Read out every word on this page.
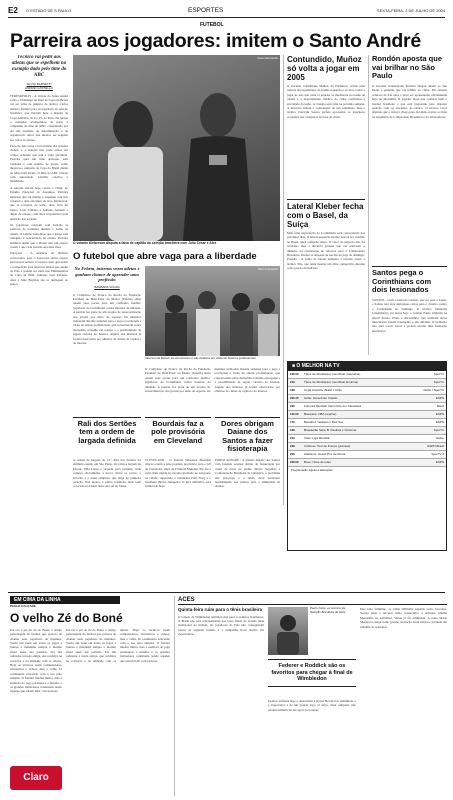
E2 O ESTADO DE S.PAULO	ESPORTES	SEXTA-FEIRA, 2 DE JULHO DE 2004
FUTEBOL
Parreira aos jogadores: imitem o Santo André
Técnico vai pedir aos atletas que se espelhem no exemplo dado pelo time do ABC
SILVIO BARSETTI
ANDREI CASTELLO

TERESÓPOLIS - A vitória do Santo André sobre o Flamengo na final da Copa do Brasil vai ser tema de palestra do técnico Carlos Alberto Parreira para os jogadores da seleção brasileira, que iniciam hoje a disputa da Copa América, às 6 e 25, no Peru. Na quarta o treinador acompanhou de perto a campanha do time do ABC, considerada por ele um exemplo de determinação e de organização tática que merece ser seguido por todos os atletas.

Para ele, não conta o favoritismo dos grandes clubes, e a seleção não pode entrar em campo achando que tem a vaga garantida. Parreira quer um time aplicado, sem vaidades e com espírito de grupo, como mostrou o campeão da Copa do Brasil diante do Maracanã lotado. O time do ABC venceu com autoridade, trabalho coletivo e humildade.

A seleção estreia hoje contra o Chile, no Estádio Nacional de Arequipa. Parreira adiantou que vai manter o esquema com três volantes e dois atacantes de área. Kléberson, que se recupera de lesão, deve ficar no banco. Luís Fabiano e Adriano formam a dupla de ataque, com Alex responsável pela armação das jogadas.

Os jogadores ouviram com atenção as palavras do treinador durante o treino de ontem. O capitão Juan disse que o grupo está tranquilo e concentrado na estreia. Parreira lembrou ainda que o Brasil tem um elenco jovem e que cada partida será uma final.

Europeus - A ausência de titulares convocados para a Eurocopa abriu espaço para novos nomes. O técnico quer aproveitar a competição para observar atletas que atuam no País e podem ser úteis nas Eliminatórias da Copa de 2006. Adriano, Luís Fabiano, Alex e Júlio Baptista são os destaques do grupo.

Tasso Marcelo/AE
O volante Kléberson disputa a faixa de capitão da seleção brasileira com Júlio César e Alex
O futebol que abre vaga para a liberdade
No Febem, internos veem atletas e ganham chance de aprender uma profissão
BARBARA SOUZA

O Complexo de Franco da Rocha da Fundação Estadual do Bem-Estar do Menor (Febem) abriu ontem suas portas para um confronto inédito: jogadores do Corinthians contra internos da unidade. A partida fez parte de um projeto de ressocialização dos jovens por meio do esporte. Os meninos treinaram durante semanas para o jogo e receberam a visita de atletas profissionais, que conversaram sobre disciplina, trabalho em equipe e a possibilidade de seguir carreira no futebol. Alguns dos internos já foram observados por olheiros de clubes da capital e do interior.

Nilton Fukuda/AE
Internos da Febem se emocionam e são tietados em visita de boleiros profissionais

O Complexo de Franco da Rocha da Fundação Estadual do Bem-Estar do Menor (Febem) abriu ontem suas portas para um confronto inédito: jogadores do Corinthians contra internos da unidade. A partida fez parte de um projeto de ressocialização dos jovens por meio do esporte. Os meninos treinaram durante semanas para o jogo e receberam a visita de atletas profissionais, que conversaram sobre disciplina, trabalho em equipe e a possibilidade de seguir carreira no futebol. Alguns dos internos já foram observados por olheiros de clubes da capital e do interior.

Rali dos Sertões tem a ordem de largada definida

A ordem de largada do 12.º Rali dos Sertões foi definida ontem, em São Paulo. Os pilotos largam do Parque Villa-Lobos e seguem para Goiânia, onde começa oficialmente a prova. Entre os carros, o favorito é o atual campeão, que larga na primeira posição. Nas motos, o piloto brasileiro mais bem colocado no Dakar deste ano sai na frente.

Bourdais faz a pole provisória em Cleveland

CLEVELAND - O francês Sébastien Bourdais obteve ontem a pole position provisória para o GP de Cleveland, etapa da Fórmula Mundial. Ele fez a volta mais rápida no circuito montado no aeroporto da cidade, superando o canadense Paul Tracy e o brasileiro Bruno Junqueira. O grid definitivo será conhecido hoje.

Dores obrigam Daiane dos Santos a fazer fisioterapia

PORTO ALEGRE - A ginasta Daiane dos Santos vem fazendo sessões diárias de fisioterapia por causa de dores no joelho direito. Segundo a Confederação Brasileira de Ginástica, o problema não preocupa e a atleta deve participar normalmente dos treinos para a Olimpíada de Atenas.

Contundido, Muñoz só volta a jogar em 2005

O atacante colombiano Muñoz, do Palmeiras, sofreu uma ruptura nos ligamentos do joelho esquerdo e só deve voltar a jogar no ano que vem. O jogador se machucou no treino de ontem e o departamento médico do clube confirmou a gravidade da lesão. A cirurgia será feita na próxima semana. A diretoria estuda a contratação de um substituto, mas o técnico Estevam Soares prefere aproveitar os jogadores revelados nas categorias de base do clube.

Lateral Kleber fecha com o Basel, da Suíça

Mais uma negociação do Corinthians será concretizada nos próximos dias. O lateral-esquerdo Kleber deverá ser vendido ao Basel, atual campeão suíço. O valor do negócio não foi revelado, mas a diretoria garante que vai reinvestir o dinheiro na contratação de reforços para o Campeonato Brasileiro. Kleber se despede da torcida no jogo de domingo. Pressão - A saída do lateral aumenta a pressão sobre o técnico Tite, que tenta montar um time competitivo mesmo com a perda de titulares.

Rondón aposta que vai brilhar no São Paulo

O atacante venezuelano Rondón chegou ontem ao São Paulo e garantiu que vai brilhar no clube. Ele assinou contrato de três anos e deve ser apresentado oficialmente hoje no Morumbi. O jogador disse que conhece bem o futebol brasileiro e que está preparado para disputar posição com os atacantes do elenco. O técnico Cuca afirmou que o reforço chega para dar mais opções ao time na sequência do Campeonato Brasileiro e da Libertadores.

Santos pega o Corinthians com dois lesionados

SANTOS - Com a saída de Claiton, que foi para o Japão, o Santos terá dois desfalques certos para o clássico contra o Corinthians no domingo. O técnico Vanderlei Luxemburgo vai testar hoje o volante Paulo Almeida na lateral direita. Elano e Ricardinho, que sentiram dores musculares, fazem tratamento e são dúvidas. O treinador não quer correr riscos e poderá escalar uma formação alternativa.

■ O MELHOR NA TV
19h30	Tênis de Wimbledon (semifinal masculina)	SporTV
21h	Tênis de Wimbledon (semifinal feminina)	SporTV
18h	Copa América: Brasil x Chile	Globo / SporTV
20h45	Golfe: Greenbrier Classic	ESPN
22h	Fórmula Mundial: treino livre em Cleveland	Band
14h30	Basquete: NBA (reprise)	ESPN
17h	Beisebol: Yankees x Red Sox	ESPN
16h	Brasileirão Série B: Paulista x Criciúma	SporTV
21h	Vôlei: Liga Mundial	Globo
23h	Ciclismo: Tour de France (preview)	ESPN Brasil
20h	Atletismo: Grand Prix de Roma	SporTV 2
23h30	Boxe: Noite de lutas	ESPN
Programação sujeita a alterações
EM CIMA DA LINHA
PAULO CALÇADE
O velho Zé do Boné

Ele era o pai do Zé do Boné, o antigo personagem do futebol que gostava de chamar seus jogadores de meninos. Vestia um boné em todos os jogos e treinos e mantinha sempre o mesmo ritual antes das partidas. Era um treinador à moda antiga, que confiava na conversa e na amizade com os atletas. Hoje os técnicos usam computadores, estatísticas e vídeos, mas o velho Zé continuaria vencendo com o seu jeito simples. O futebol mudou muito, mas a essência do jogo permanece a mesma, e os grandes treinadores continuam sendo aqueles que sabem lidar com pessoas.

Claro

Ele era o pai do Zé do Boné, o antigo personagem do futebol que gostava de chamar seus jogadores de meninos. Vestia um boné em todos os jogos e treinos e mantinha sempre o mesmo ritual antes das partidas. Era um treinador à moda antiga, que confiava na conversa e na amizade com os atletas. Hoje os técnicos usam computadores, estatísticas e vídeos, mas o velho Zé continuaria vencendo com o seu jeito simples. O futebol mudou muito, mas a essência do jogo permanece a mesma, e os grandes treinadores continuam sendo aqueles que sabem lidar com pessoas.

ACES
Quinta-feira ruim para o tênis brasileiro

O torneio de Wimbledon terminou mal para os tenistas brasileiros. O Brasil não terá representantes nas fases finais do torneio mais tradicional do mundo. Os jogadores do País não conseguiram passar da segunda rodada, e a campanha ficou abaixo das expectativas.

Paulo Cleto, ex-técnico da Seleção Brasileira de tênis
Federer e Roddick são os favoritos para chegar à final de Wimbledon

Federer enfrenta hoje o australiano Lleyton Hewitt nas semifinais, e a expectativa é de um grande jogo. O suíço, atual campeão, não perdeu nenhum set até agora no torneio.

Pelo lado feminino, as irmãs Williams seguem como favoritas. Serena tenta o terceiro título consecutivo e enfrenta Amélie Mauresmo na semifinal. Venus já foi eliminada. A russa Maria Sharapova surge como grande revelação desta edição e promete dar trabalho às veteranas.
